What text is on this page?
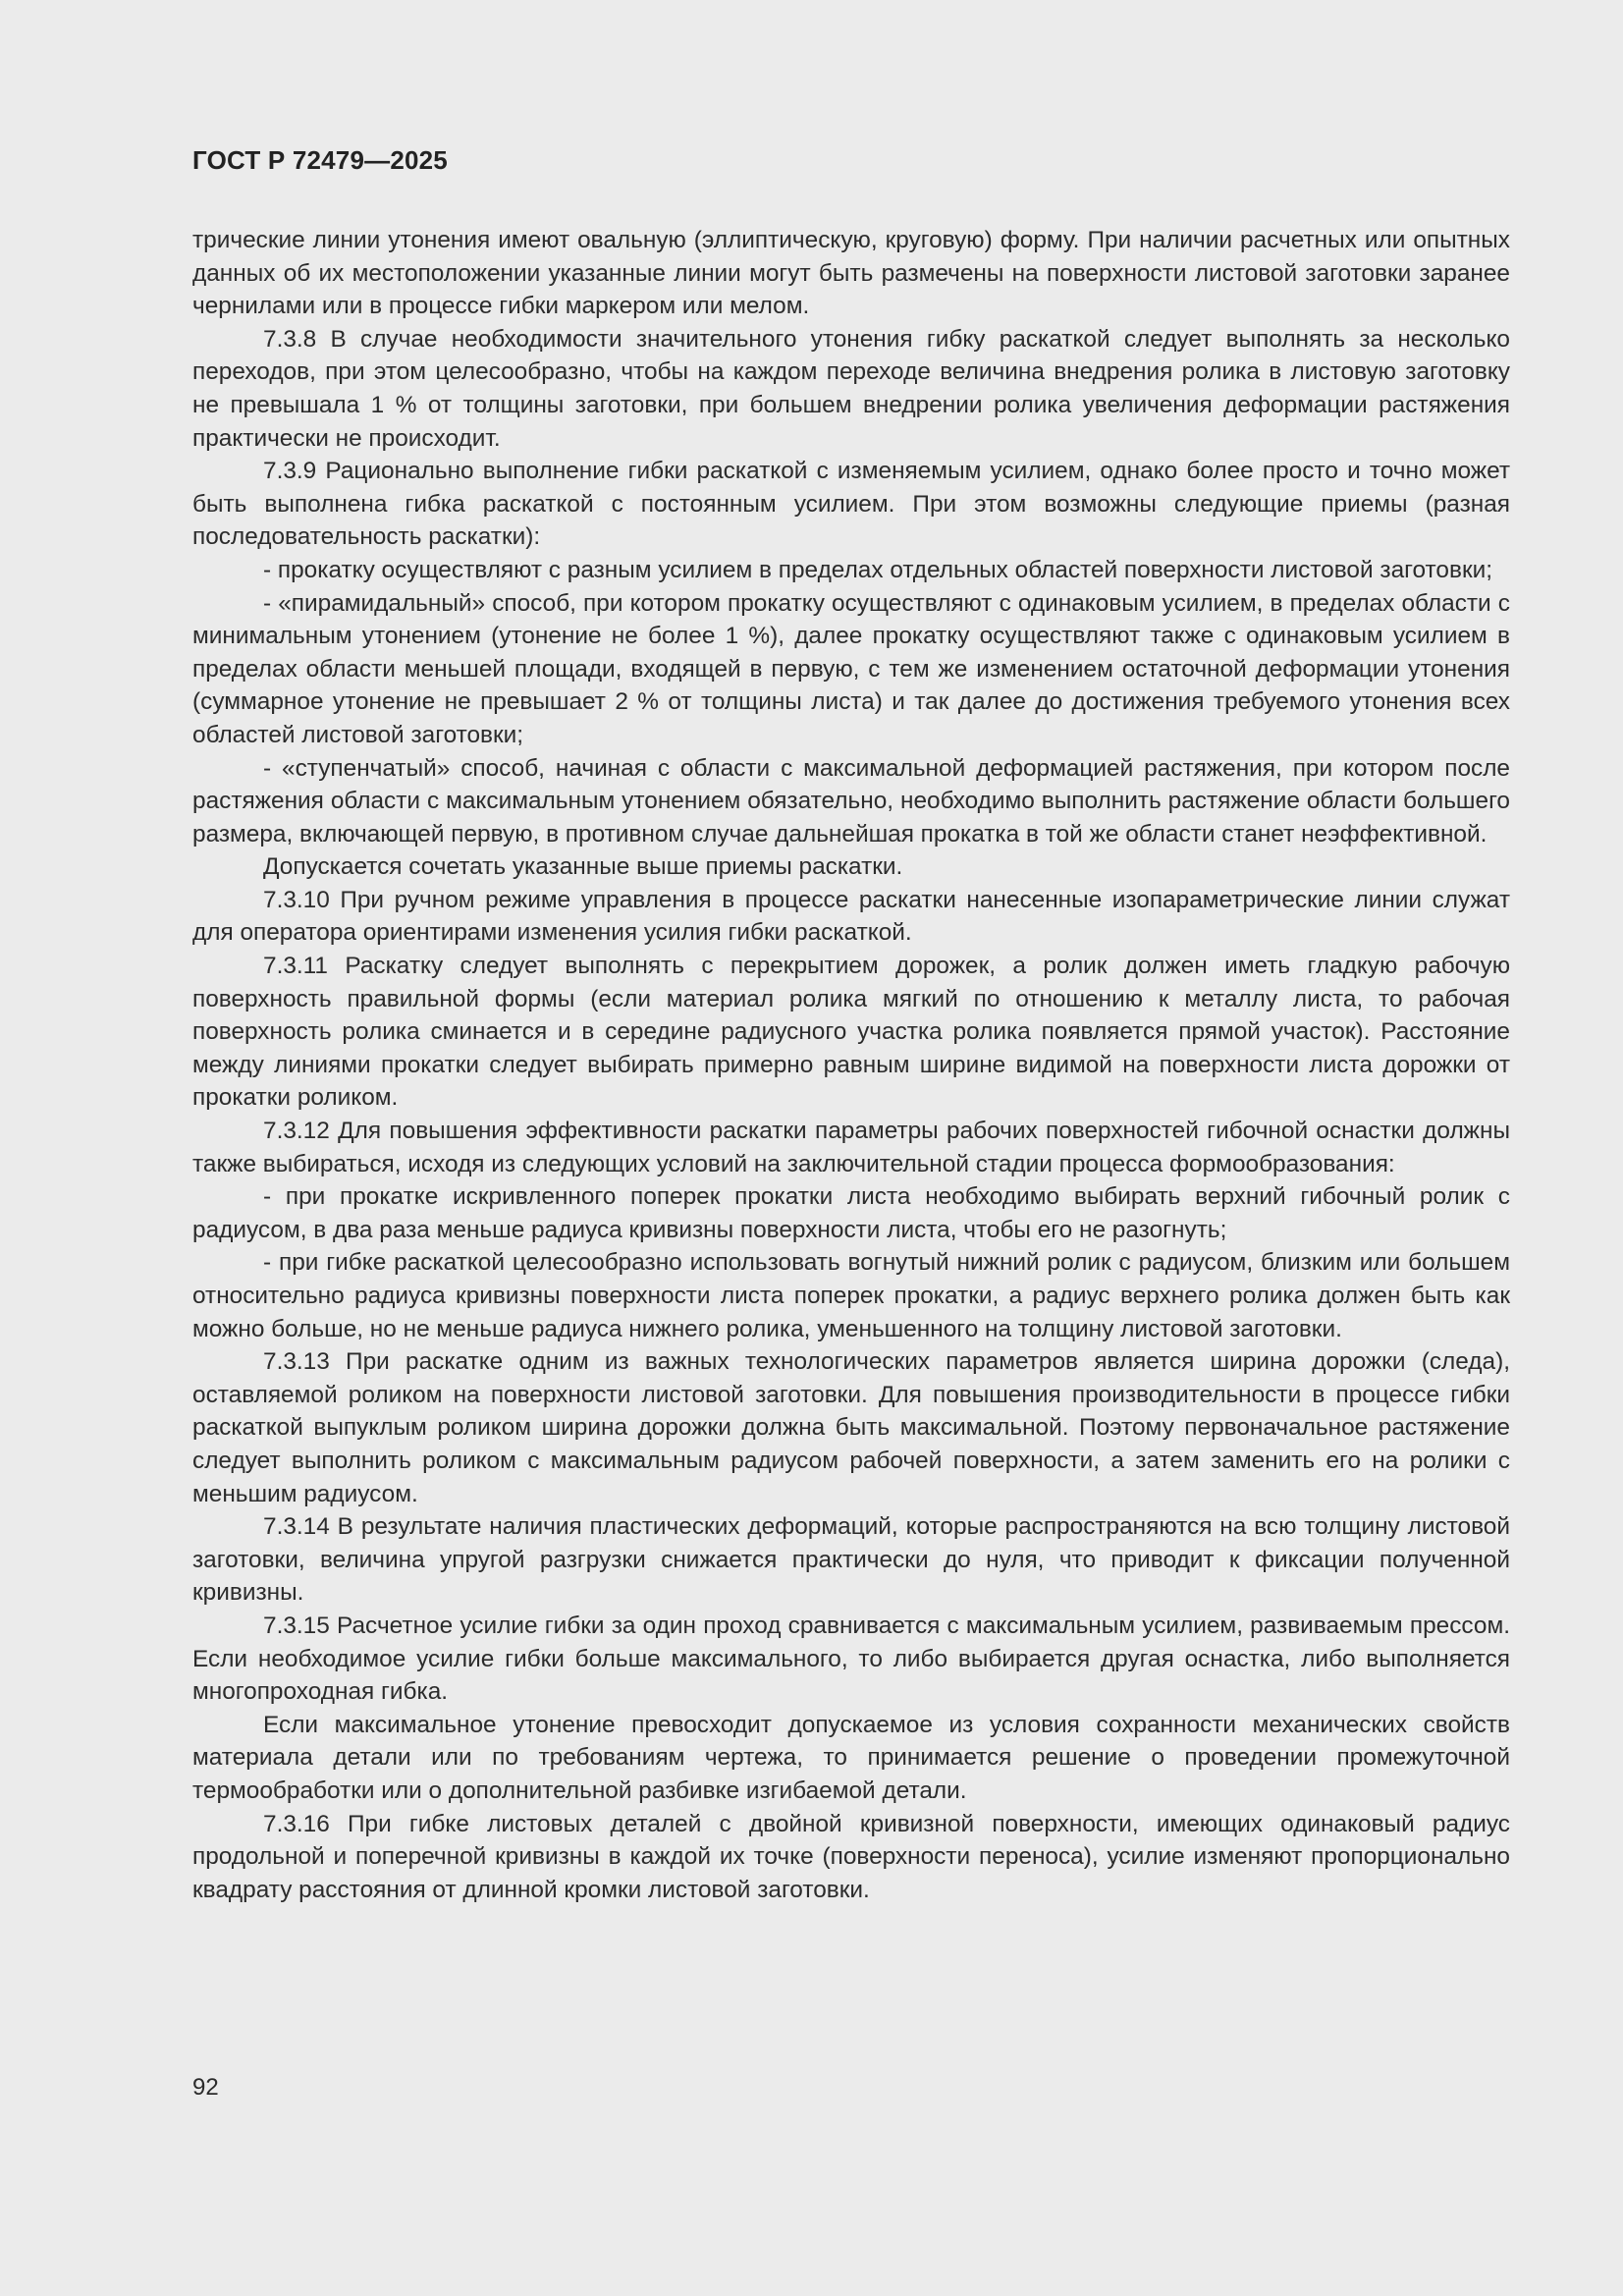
ГОСТ Р 72479—2025

трические линии утонения имеют овальную (эллиптическую, круговую) форму. При наличии расчетных или опытных данных об их местоположении указанные линии могут быть размечены на поверхности листовой заготовки заранее чернилами или в процессе гибки маркером или мелом.

7.3.8 В случае необходимости значительного утонения гибку раскаткой следует выполнять за несколько переходов, при этом целесообразно, чтобы на каждом переходе величина внедрения ролика в листовую заготовку не превышала 1 % от толщины заготовки, при большем внедрении ролика увеличения деформации растяжения практически не происходит.

7.3.9 Рационально выполнение гибки раскаткой с изменяемым усилием, однако более просто и точно может быть выполнена гибка раскаткой с постоянным усилием. При этом возможны следующие приемы (разная последовательность раскатки):

- прокатку осуществляют с разным усилием в пределах отдельных областей поверхности листовой заготовки;

- «пирамидальный» способ, при котором прокатку осуществляют с одинаковым усилием, в пределах области с минимальным утонением (утонение не более 1 %), далее прокатку осуществляют также с одинаковым усилием в пределах области меньшей площади, входящей в первую, с тем же изменением остаточной деформации утонения (суммарное утонение не превышает 2 % от толщины листа) и так далее до достижения требуемого утонения всех областей листовой заготовки;

- «ступенчатый» способ, начиная с области с максимальной деформацией растяжения, при котором после растяжения области с максимальным утонением обязательно, необходимо выполнить растяжение области большего размера, включающей первую, в противном случае дальнейшая прокатка в той же области станет неэффективной.

Допускается сочетать указанные выше приемы раскатки.

7.3.10 При ручном режиме управления в процессе раскатки нанесенные изопараметрические линии служат для оператора ориентирами изменения усилия гибки раскаткой.

7.3.11 Раскатку следует выполнять с перекрытием дорожек, а ролик должен иметь гладкую рабочую поверхность правильной формы (если материал ролика мягкий по отношению к металлу листа, то рабочая поверхность ролика сминается и в середине радиусного участка ролика появляется прямой участок). Расстояние между линиями прокатки следует выбирать примерно равным ширине видимой на поверхности листа дорожки от прокатки роликом.

7.3.12 Для повышения эффективности раскатки параметры рабочих поверхностей гибочной оснастки должны также выбираться, исходя из следующих условий на заключительной стадии процесса формообразования:

- при прокатке искривленного поперек прокатки листа необходимо выбирать верхний гибочный ролик с радиусом, в два раза меньше радиуса кривизны поверхности листа, чтобы его не разогнуть;

- при гибке раскаткой целесообразно использовать вогнутый нижний ролик с радиусом, близким или большем относительно радиуса кривизны поверхности листа поперек прокатки, а радиус верхнего ролика должен быть как можно больше, но не меньше радиуса нижнего ролика, уменьшенного на толщину листовой заготовки.

7.3.13 При раскатке одним из важных технологических параметров является ширина дорожки (следа), оставляемой роликом на поверхности листовой заготовки. Для повышения производительности в процессе гибки раскаткой выпуклым роликом ширина дорожки должна быть максимальной. Поэтому первоначальное растяжение следует выполнить роликом с максимальным радиусом рабочей поверхности, а затем заменить его на ролики с меньшим радиусом.

7.3.14 В результате наличия пластических деформаций, которые распространяются на всю толщину листовой заготовки, величина упругой разгрузки снижается практически до нуля, что приводит к фиксации полученной кривизны.

7.3.15 Расчетное усилие гибки за один проход сравнивается с максимальным усилием, развиваемым прессом. Если необходимое усилие гибки больше максимального, то либо выбирается другая оснастка, либо выполняется многопроходная гибка.

Если максимальное утонение превосходит допускаемое из условия сохранности механических свойств материала детали или по требованиям чертежа, то принимается решение о проведении промежуточной термообработки или о дополнительной разбивке изгибаемой детали.

7.3.16 При гибке листовых деталей с двойной кривизной поверхности, имеющих одинаковый радиус продольной и поперечной кривизны в каждой их точке (поверхности переноса), усилие изменяют пропорционально квадрату расстояния от длинной кромки листовой заготовки.

92
